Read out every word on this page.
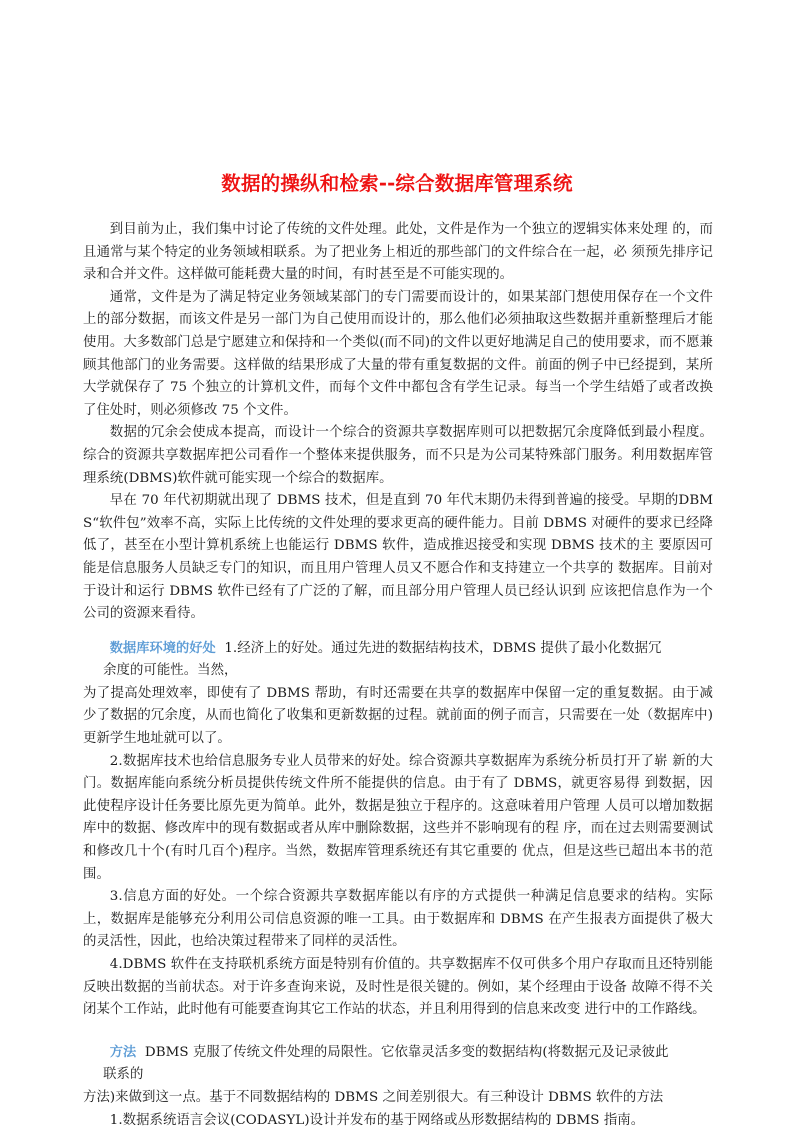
数据的操纵和检索--综合数据库管理系统

到目前为止，我们集中讨论了传统的文件处理。此处，文件是作为一个独立的逻辑实体来处理 的，而且通常与某个特定的业务领域相联系。为了把业务上相近的那些部门的文件综合在一起，必 须预先排序记录和合并文件。这样做可能耗费大量的时间，有时甚至是不可能实现的。

通常，文件是为了满足特定业务领域某部门的专门需要而设计的，如果某部门想使用保存在一个文件上的部分数据，而该文件是另一部门为自己使用而设计的，那么他们必须抽取这些数据并重新整理后才能使用。大多数部门总是宁愿建立和保持和一个类似(而不同)的文件以更好地满足自己的使用要求，而不愿兼顾其他部门的业务需要。这样做的结果形成了大量的带有重复数据的文件。前面的例子中已经提到，某所大学就保存了 75 个独立的计算机文件，而每个文件中都包含有学生记录。每当一个学生结婚了或者改换了住处时，则必须修改 75 个文件。

数据的冗余会使成本提高，而设计一个综合的资源共享数据库则可以把数据冗余度降低到最小程度。综合的资源共享数据库把公司看作一个整体来提供服务，而不只是为公司某特殊部门服务。利用数据库管理系统(DBMS)软件就可能实现一个综合的数据库。

早在 70 年代初期就出现了 DBMS 技术，但是直到 70 年代末期仍未得到普遍的接受。早期的DBMS“软件包”效率不高，实际上比传统的文件处理的要求更高的硬件能力。目前 DBMS 对硬件的要求已经降低了，甚至在小型计算机系统上也能运行 DBMS 软件，造成推迟接受和实现 DBMS 技术的主 要原因可能是信息服务人员缺乏专门的知识，而且用户管理人员又不愿合作和支持建立一个共享的 数据库。目前对于设计和运行 DBMS 软件已经有了广泛的了解，而且部分用户管理人员已经认识到 应该把信息作为一个公司的资源来看待。

数据库环境的好处 1.经济上的好处。通过先进的数据结构技术，DBMS 提供了最小化数据冗

余度的可能性。当然，

为了提高处理效率，即使有了 DBMS 帮助，有时还需要在共享的数据库中保留一定的重复数据。由于减少了数据的冗余度，从而也简化了收集和更新数据的过程。就前面的例子而言，只需要在一处（数据库中)更新学生地址就可以了。

2.数据库技术也给信息服务专业人员带来的好处。综合资源共享数据库为系统分析员打开了崭 新的大门。数据库能向系统分析员提供传统文件所不能提供的信息。由于有了 DBMS，就更容易得 到数据，因此使程序设计任务要比原先更为简单。此外，数据是独立于程序的。这意味着用户管理 人员可以增加数据库中的数据、修改库中的现有数据或者从库中删除数据，这些并不影响现有的程 序，而在过去则需要测试和修改几十个(有时几百个)程序。当然，数据库管理系统还有其它重要的 优点，但是这些已超出本书的范围。

3.信息方面的好处。一个综合资源共享数据库能以有序的方式提供一种满足信息要求的结构。实际上，数据库是能够充分利用公司信息资源的唯一工具。由于数据库和 DBMS 在产生报表方面提供了极大的灵活性，因此，也给决策过程带来了同样的灵活性。

4.DBMS 软件在支持联机系统方面是特别有价值的。共享数据库不仅可供多个用户存取而且还特别能反映出数据的当前状态。对于许多查询来说，及时性是很关键的。例如，某个经理由于设备 故障不得不关闭某个工作站，此时他有可能要查询其它工作站的状态，并且利用得到的信息来改变 进行中的工作路线。

方法 DBMS 克服了传统文件处理的局限性。它依靠灵活多变的数据结构(将数据元及记录彼此

联系的

方法)来做到这一点。基于不同数据结构的 DBMS 之间差别很大。有三种设计 DBMS 软件的方法

1.数据系统语言会议(CODASYL)设计并发布的基于网络或丛形数据结构的 DBMS 指南。
